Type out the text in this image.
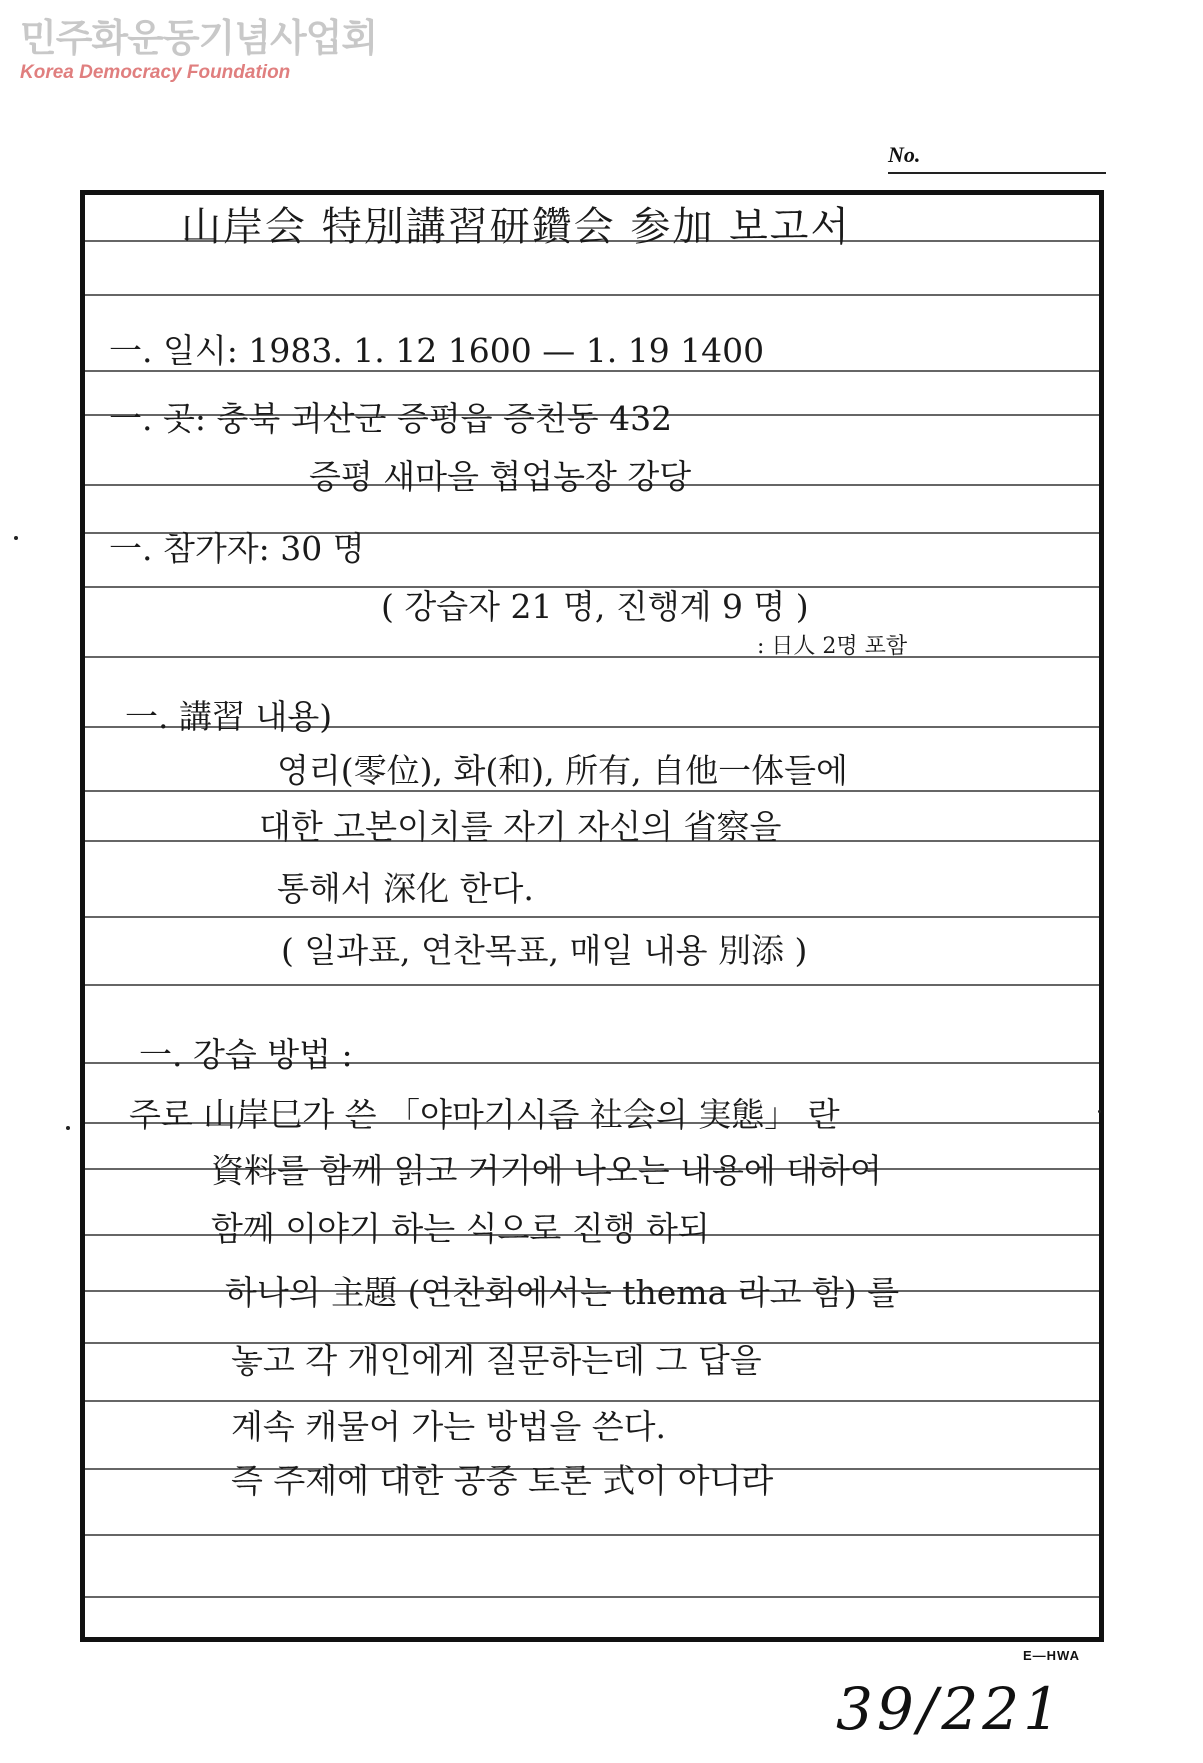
민주화운동기념사업회
Korea Democracy Foundation
No.
山岸会 特別講習研鑽会 参加 보고서
一. 일시: 1983. 1. 12 1600 — 1. 19 1400
一. 곳: 충북 괴산군 증평읍 증천동 432
증평 새마을 협업농장 강당
一. 참가자: 30 명
( 강습자 21 명, 진행계 9 명 )
: 日人 2명 포함
一. 講習 내용)
영리(零位), 화(和), 所有, 自他一体들에
대한 고본이치를 자기 자신의 省察을
통해서 深化 한다.
( 일과표, 연찬목표, 매일 내용 別添 )
一. 강습 방법 :
주로 山岸巳가 쓴 「야마기시즘 社会의 実態」 란
資料를 함께 읽고 거기에 나오는 내용에 대하여
함께 이야기 하는 식으로 진행 하되
하나의 主題 (연찬회에서는 thema 라고 함) 를
놓고 각 개인에게 질문하는데 그 답을
계속 캐물어 가는 방법을 쓴다.
즉 주제에 대한 공중 토론 式이 아니라
E—HWA
39/221
